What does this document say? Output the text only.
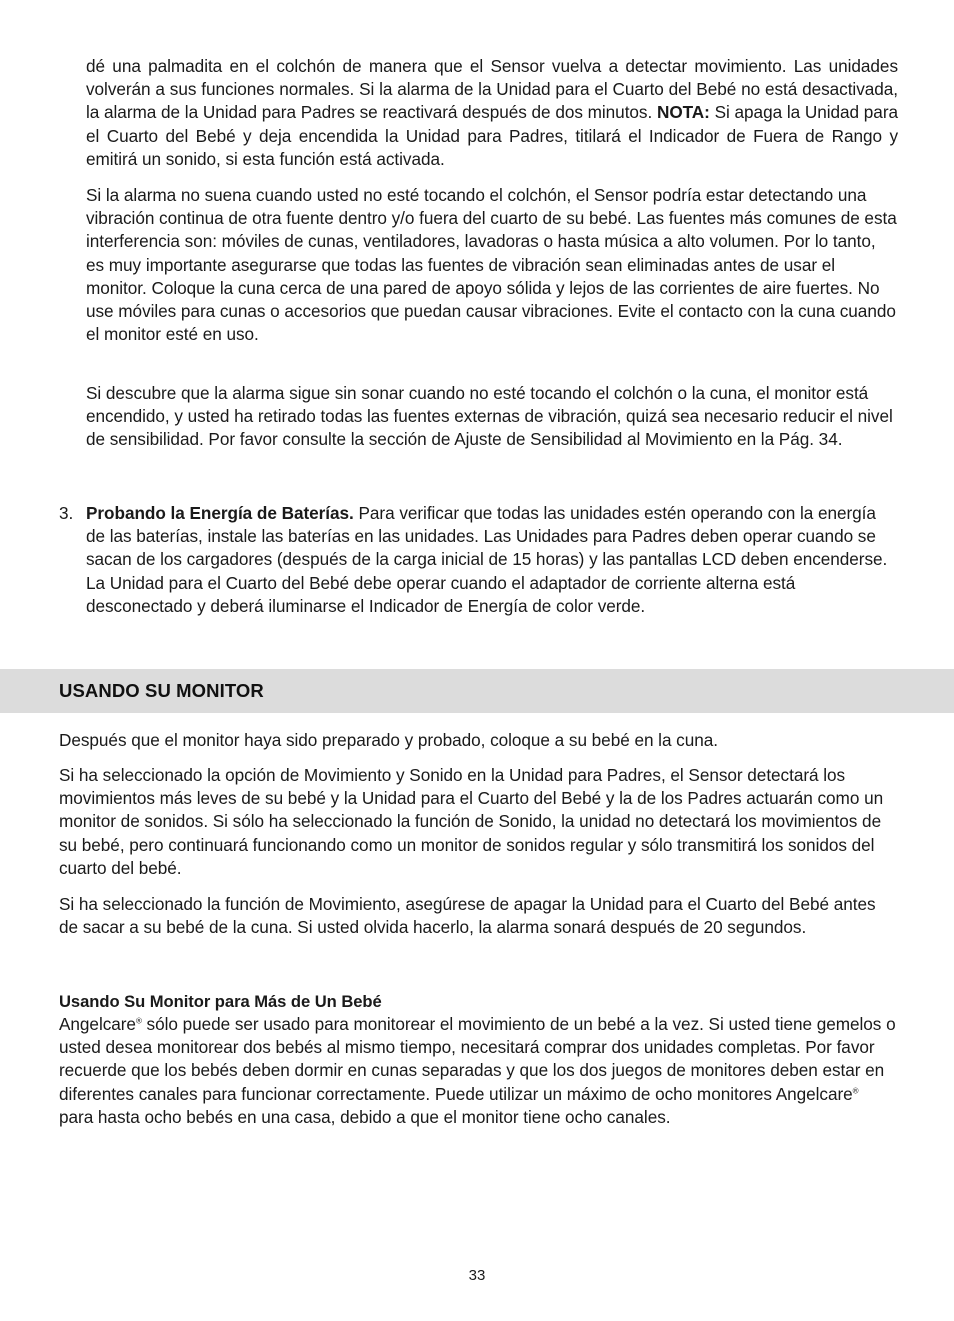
dé una palmadita en el colchón de manera que el Sensor vuelva a detectar movimiento. Las unidades volverán a sus funciones normales. Si la alarma de la Unidad para el Cuarto del Bebé no está desactivada, la alarma de la Unidad para Padres se reactivará después de dos minutos. NOTA: Si apaga la Unidad para el Cuarto del Bebé y deja encendida la Unidad para Padres, titilará el Indicador de Fuera de Rango y emitirá un sonido, si esta función está activada.

Si la alarma no suena cuando usted no esté tocando el colchón, el Sensor podría estar detectando una vibración continua de otra fuente dentro y/o fuera del cuarto de su bebé. Las fuentes más comunes de esta interferencia son: móviles de cunas, ventiladores, lavadoras o hasta música a alto volumen. Por lo tanto, es muy importante asegurarse que todas las fuentes de vibración sean eliminadas antes de usar el monitor. Coloque la cuna cerca de una pared de apoyo sólida y lejos de las corrientes de aire fuertes. No use móviles para cunas o accesorios que puedan causar vibraciones. Evite el contacto con la cuna cuando el monitor esté en uso.

Si descubre que la alarma sigue sin sonar cuando no esté tocando el colchón o la cuna, el monitor está encendido, y usted ha retirado todas las fuentes externas de vibración, quizá sea necesario reducir el nivel de sensibilidad. Por favor consulte la sección de Ajuste de Sensibilidad al Movimiento en la Pág. 34.

3. Probando la Energía de Baterías. Para verificar que todas las unidades estén operando con la energía de las baterías, instale las baterías en las unidades. Las Unidades para Padres deben operar cuando se sacan de los cargadores (después de la carga inicial de 15 horas) y las pantallas LCD deben encenderse. La Unidad para el Cuarto del Bebé debe operar cuando el adaptador de corriente alterna está desconectado y deberá iluminarse el Indicador de Energía de color verde.

USANDO SU MONITOR

Después que el monitor haya sido preparado y probado, coloque a su bebé en la cuna.

Si ha seleccionado la opción de Movimiento y Sonido en la Unidad para Padres, el Sensor detectará los movimientos más leves de su bebé y la Unidad para el Cuarto del Bebé y la de los Padres actuarán como un monitor de sonidos. Si sólo ha seleccionado la función de Sonido, la unidad no detectará los movimientos de su bebé, pero continuará funcionando como un monitor de sonidos regular y sólo transmitirá los sonidos del cuarto del bebé.

Si ha seleccionado la función de Movimiento, asegúrese de apagar la Unidad para el Cuarto del Bebé antes de sacar a su bebé de la cuna. Si usted olvida hacerlo, la alarma sonará después de 20 segundos.

Usando Su Monitor para Más de Un Bebé

Angelcare® sólo puede ser usado para monitorear el movimiento de un bebé a la vez. Si usted tiene gemelos o usted desea monitorear dos bebés al mismo tiempo, necesitará comprar dos unidades completas. Por favor recuerde que los bebés deben dormir en cunas separadas y que los dos juegos de monitores deben estar en diferentes canales para funcionar correctamente. Puede utilizar un máximo de ocho monitores Angelcare® para hasta ocho bebés en una casa, debido a que el monitor tiene ocho canales.

33
